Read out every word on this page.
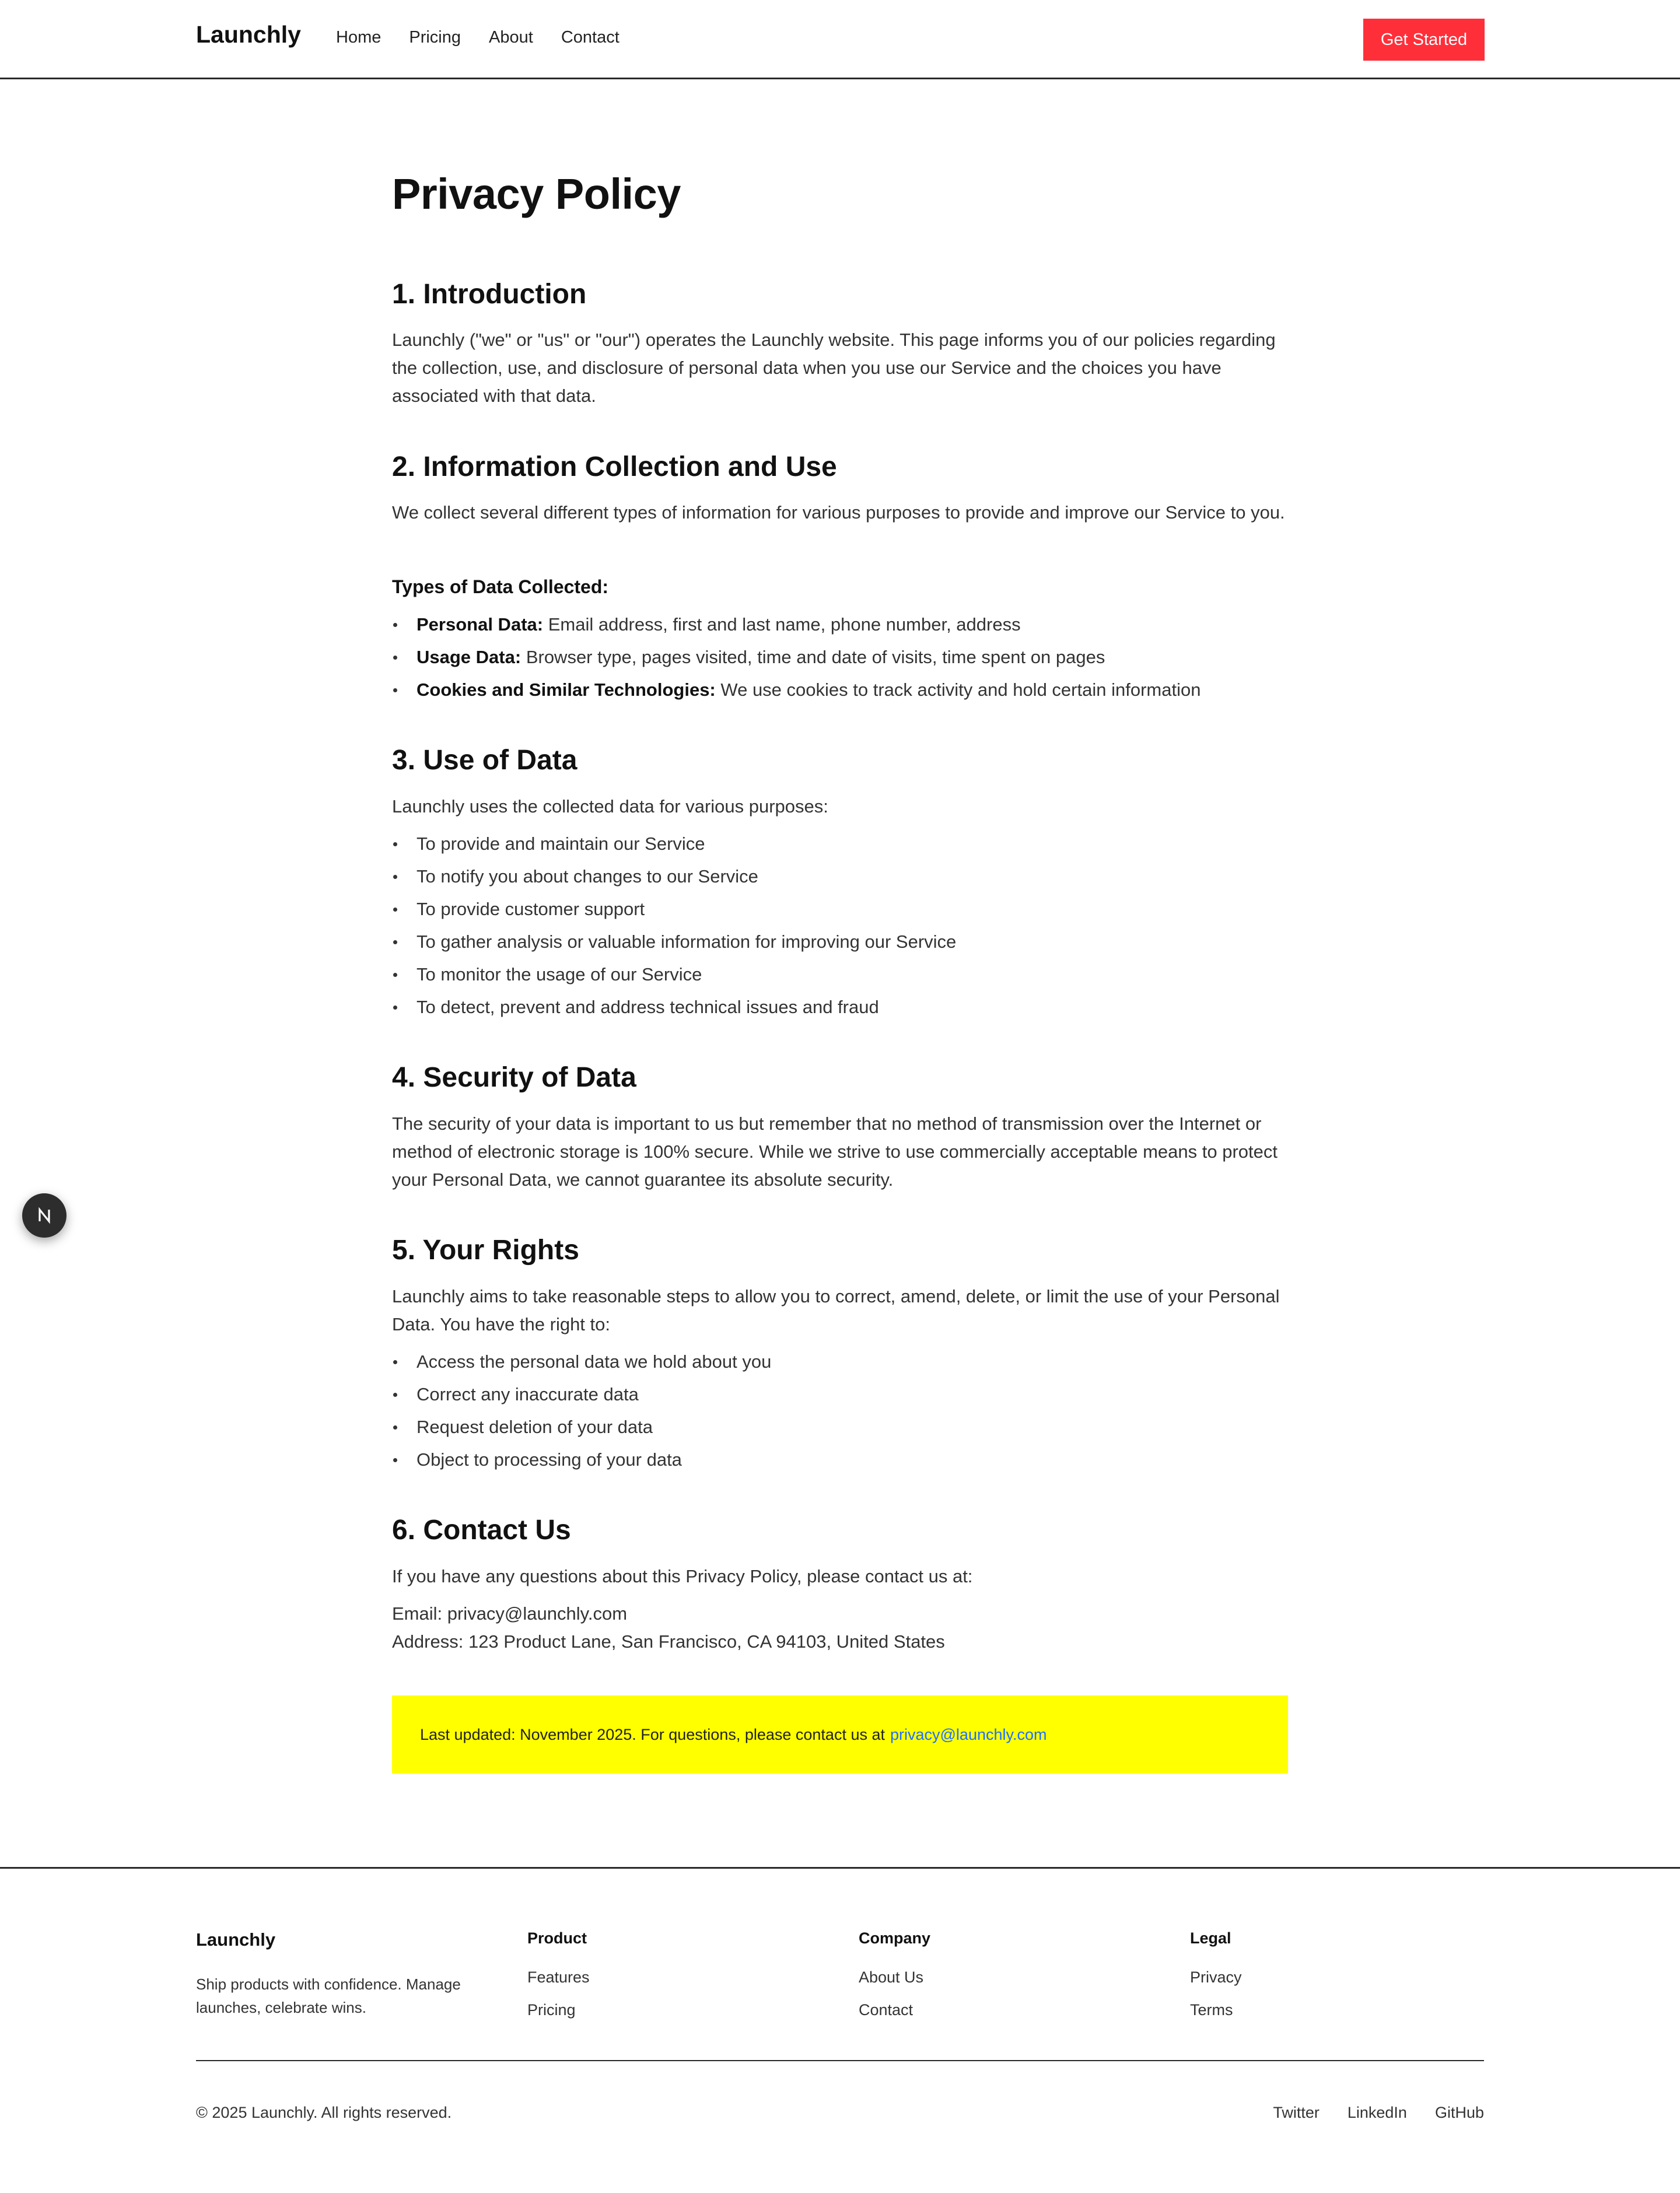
Launchly Home Pricing About Contact	Get Started
Privacy Policy
1. Introduction

Launchly ("we" or "us" or "our") operates the Launchly website. This page informs you of our policies regarding the collection, use, and disclosure of personal data when you use our Service and the choices you have associated with that data.

2. Information Collection and Use

We collect several different types of information for various purposes to provide and improve our Service to you.

Types of Data Collected:
Personal Data: Email address, first and last name, phone number, address
Usage Data: Browser type, pages visited, time and date of visits, time spent on pages
Cookies and Similar Technologies: We use cookies to track activity and hold certain information
3. Use of Data

Launchly uses the collected data for various purposes:

To provide and maintain our Service
To notify you about changes to our Service
To provide customer support
To gather analysis or valuable information for improving our Service
To monitor the usage of our Service
To detect, prevent and address technical issues and fraud
4. Security of Data

The security of your data is important to us but remember that no method of transmission over the Internet or method of electronic storage is 100% secure. While we strive to use commercially acceptable means to protect your Personal Data, we cannot guarantee its absolute security.

5. Your Rights

Launchly aims to take reasonable steps to allow you to correct, amend, delete, or limit the use of your Personal Data. You have the right to:

Access the personal data we hold about you
Correct any inaccurate data
Request deletion of your data
Object to processing of your data
6. Contact Us

If you have any questions about this Privacy Policy, please contact us at:

Email: privacy@launchly.com

Address: 123 Product Lane, San Francisco, CA 94103, United States

Last updated: November 2025. For questions, please contact us at privacy@launchly.com
Launchly

Ship products with confidence. Manage launches, celebrate wins.

Product
Features
Pricing
Company
About Us
Contact
Legal
Privacy
Terms
© 2025 Launchly. All rights reserved.	Twitter LinkedIn GitHub
